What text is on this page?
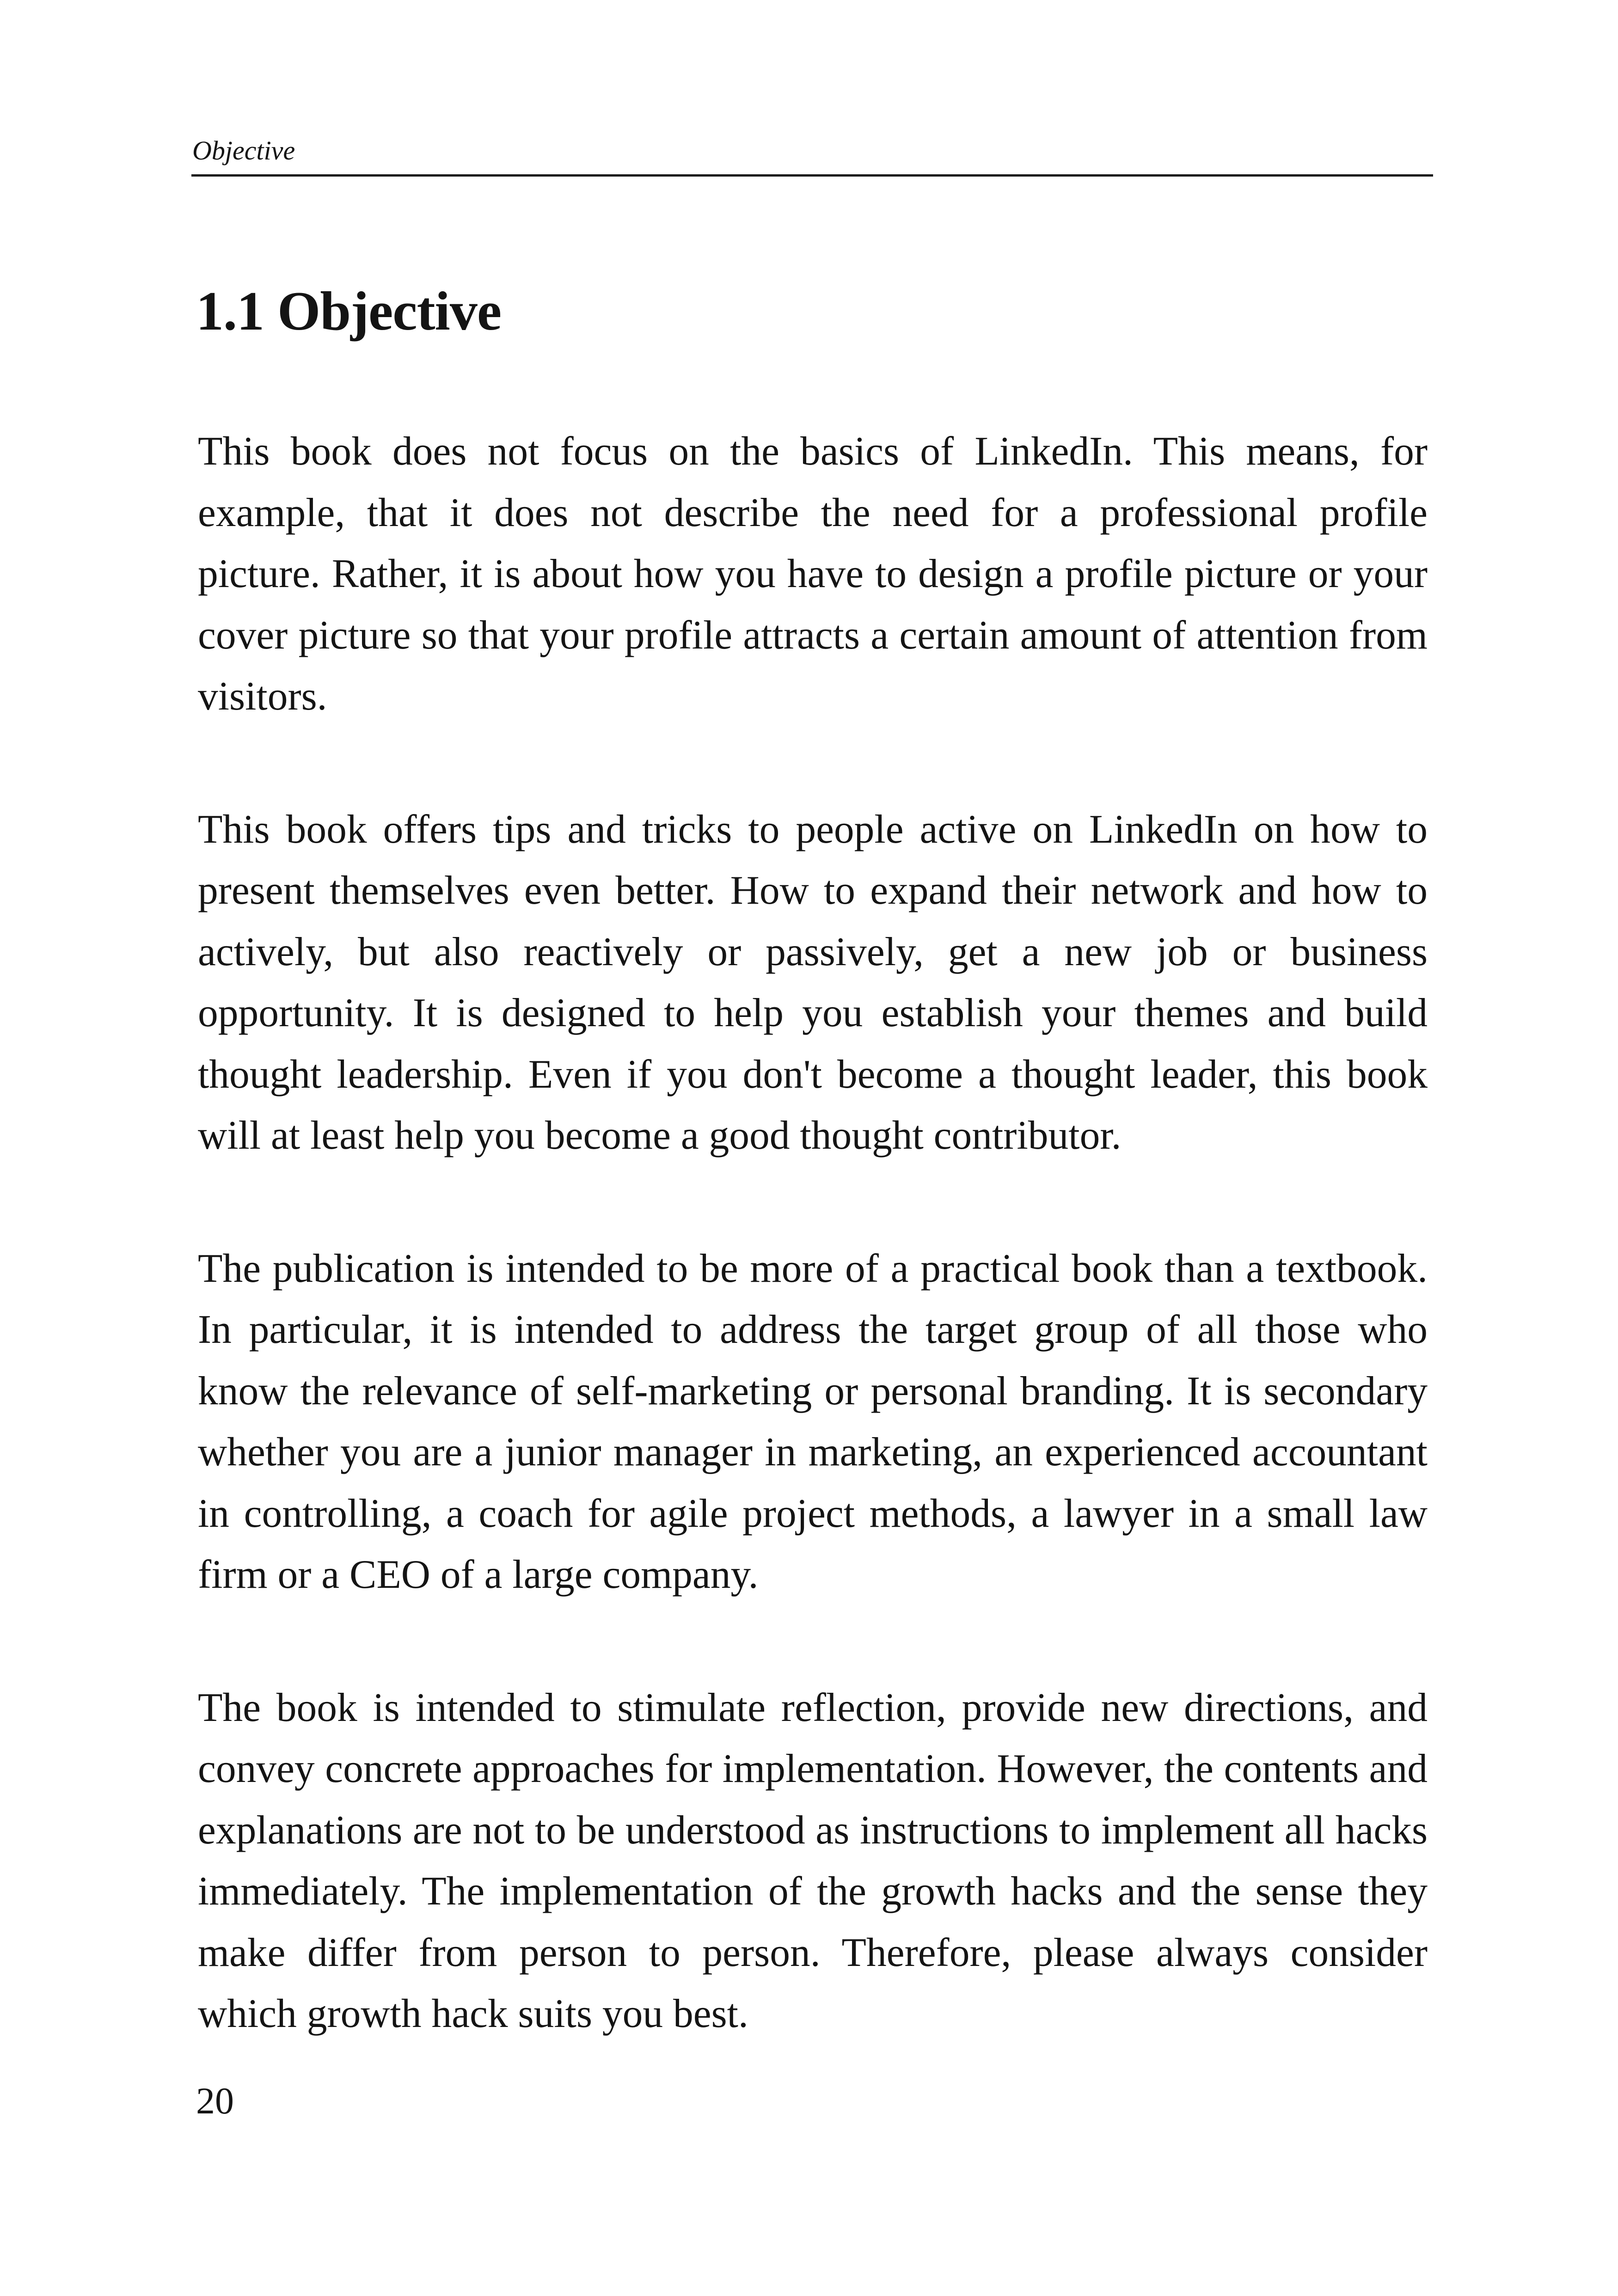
Objective
1.1 Objective

This book does not focus on the basics of LinkedIn. This means, for example, that it does not describe the need for a professional profile picture. Rather, it is about how you have to design a profile picture or your cover picture so that your profile attracts a certain amount of attention from visitors.

This book offers tips and tricks to people active on LinkedIn on how to present themselves even better. How to expand their network and how to actively, but also reactively or passively, get a new job or business opportunity. It is designed to help you establish your themes and build thought leadership. Even if you don't become a thought leader, this book will at least help you become a good thought contributor.

The publication is intended to be more of a practical book than a textbook. In particular, it is intended to address the target group of all those who know the relevance of self-marketing or personal branding. It is secondary whether you are a junior manager in marketing, an experienced accountant in controlling, a coach for agile project methods, a lawyer in a small law firm or a CEO of a large company.

The book is intended to stimulate reflection, provide new directions, and convey concrete approaches for implementation. However, the contents and explanations are not to be understood as instructions to implement all hacks immediately. The implementation of the growth hacks and the sense they make differ from person to person. Therefore, please always consider which growth hack suits you best.

20
